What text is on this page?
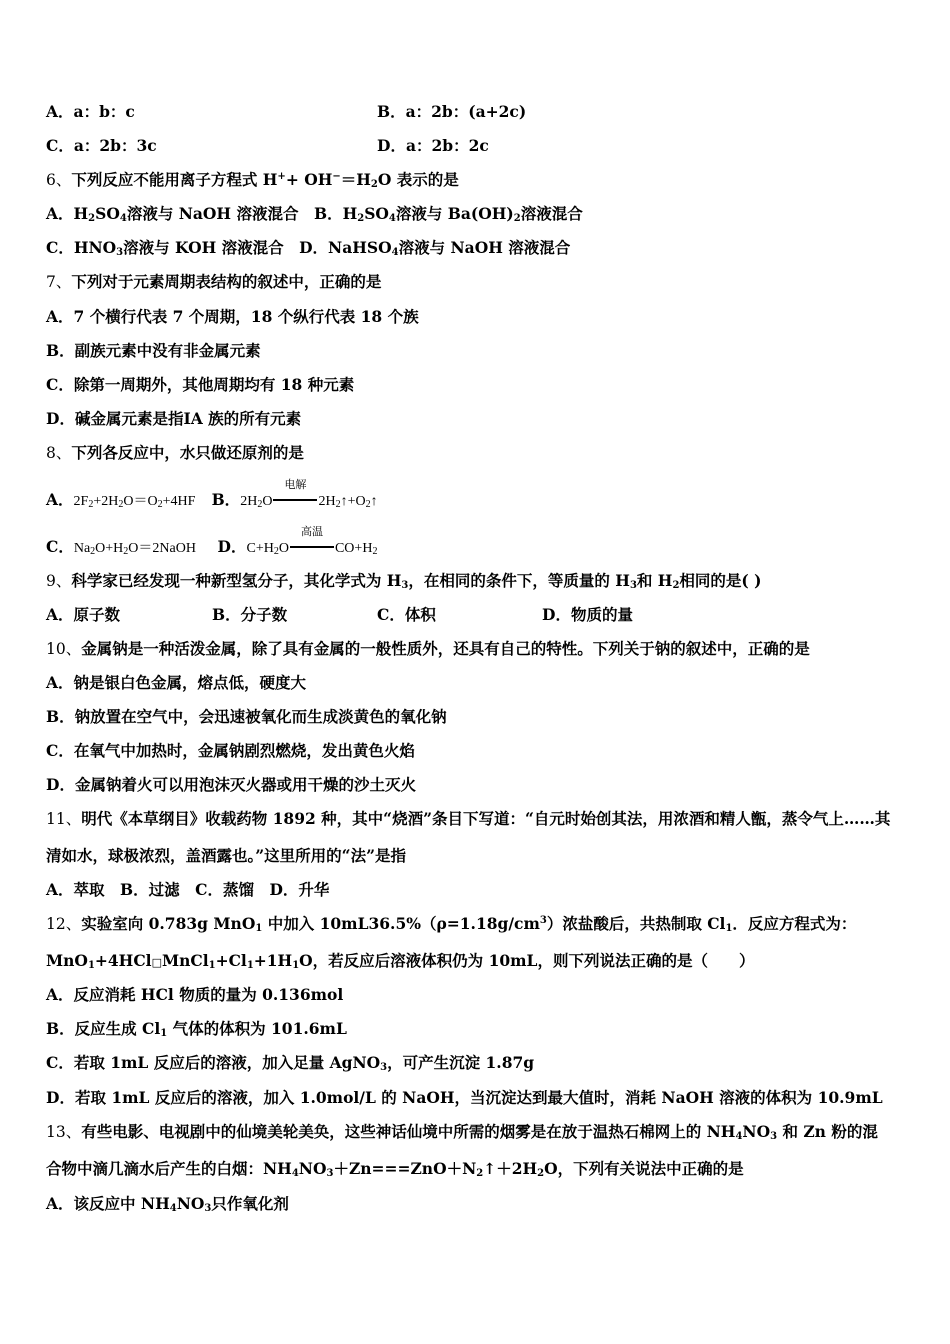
A．a：b：c	B．a：2b：(a+2c)
C．a：2b：3c	D．a：2b：2c
6、下列反应不能用离子方程式 $H^++ OH^-=H_2O$ 表示的是
A．$H_2SO_4$溶液与 NaOH 溶液混合　B．$H_2SO_4$溶液与 $Ba(OH)_2$溶液混合
C．$HNO_3$溶液与 KOH 溶液混合　D．NaHSO$_4$溶液与 NaOH 溶液混合
7、下列对于元素周期表结构的叙述中，正确的是
A．7 个横行代表 7 个周期，18 个纵行代表 18 个族
B．副族元素中没有非金属元素
C．除第一周期外，其他周期均有 18 种元素
D．碱金属元素是指ⅠA 族的所有元素
8、下列各反应中，水只做还原剂的是
A．$2F_2+2H_2O=O_2+4HF$ B．$2H_2O$
电解
$2H_2↑+O_2↑$
C．$Na_2O+H_2O=2NaOH$ D．$C+H_2O$
高温
$CO+H_2$
9、科学家已经发现一种新型氢分子，其化学式为 $H_3$，在相同的条件下，等质量的 $H_3$和 $H_2$相同的是( )
A．原子数	B．分子数	C．体积	D．物质的量
10、金属钠是一种活泼金属，除了具有金属的一般性质外，还具有自己的特性。下列关于钠的叙述中，正确的是
A．钠是银白色金属，熔点低，硬度大
B．钠放置在空气中，会迅速被氧化而生成淡黄色的氧化钠
C．在氧气中加热时，金属钠剧烈燃烧，发出黄色火焰
D．金属钠着火可以用泡沫灭火器或用干燥的沙土灭火
11、明代《本草纲目》收载药物 1892 种，其中“烧酒”条目下写道：“自元时始创其法，用浓酒和精人甑，蒸令气上……其
清如水，球极浓烈，盖酒露也。”这里所用的“法”是指
A．萃取　B．过滤　C．蒸馏　D．升华
12、实验室向 0.783g MnO$_1$ 中加入 $10mL36.5\%(\rho=1.18g/cm^3)$浓盐酸后，共热制取 $Cl_1$．反应方程式为：
$MnO_1+4HCl□MnCl_1+Cl_1+1H_1O$，若反应后溶液体积仍为 10mL，则下列说法正确的是（　　）
A．反应消耗 HCl 物质的量为 0.136mol
B．反应生成 $Cl_1$ 气体的体积为 101.6mL
C．若取 1mL 反应后的溶液，加入足量 AgNO$_3$，可产生沉淀 1.87g
D．若取 1mL 反应后的溶液，加入 1.0mol/L 的 NaOH，当沉淀达到最大值时，消耗 NaOH 溶液的体积为 10.9mL
13、有些电影、电视剧中的仙境美轮美奂，这些神话仙境中所需的烟雾是在放于温热石棉网上的 $NH_4NO_3$ 和 Zn 粉的混
合物中滴几滴水后产生的白烟：$NH_4NO_3+Zn===ZnO+N_2↑+2H_2O$，下列有关说法中正确的是
A．该反应中 $NH_4NO_3$只作氧化剂
